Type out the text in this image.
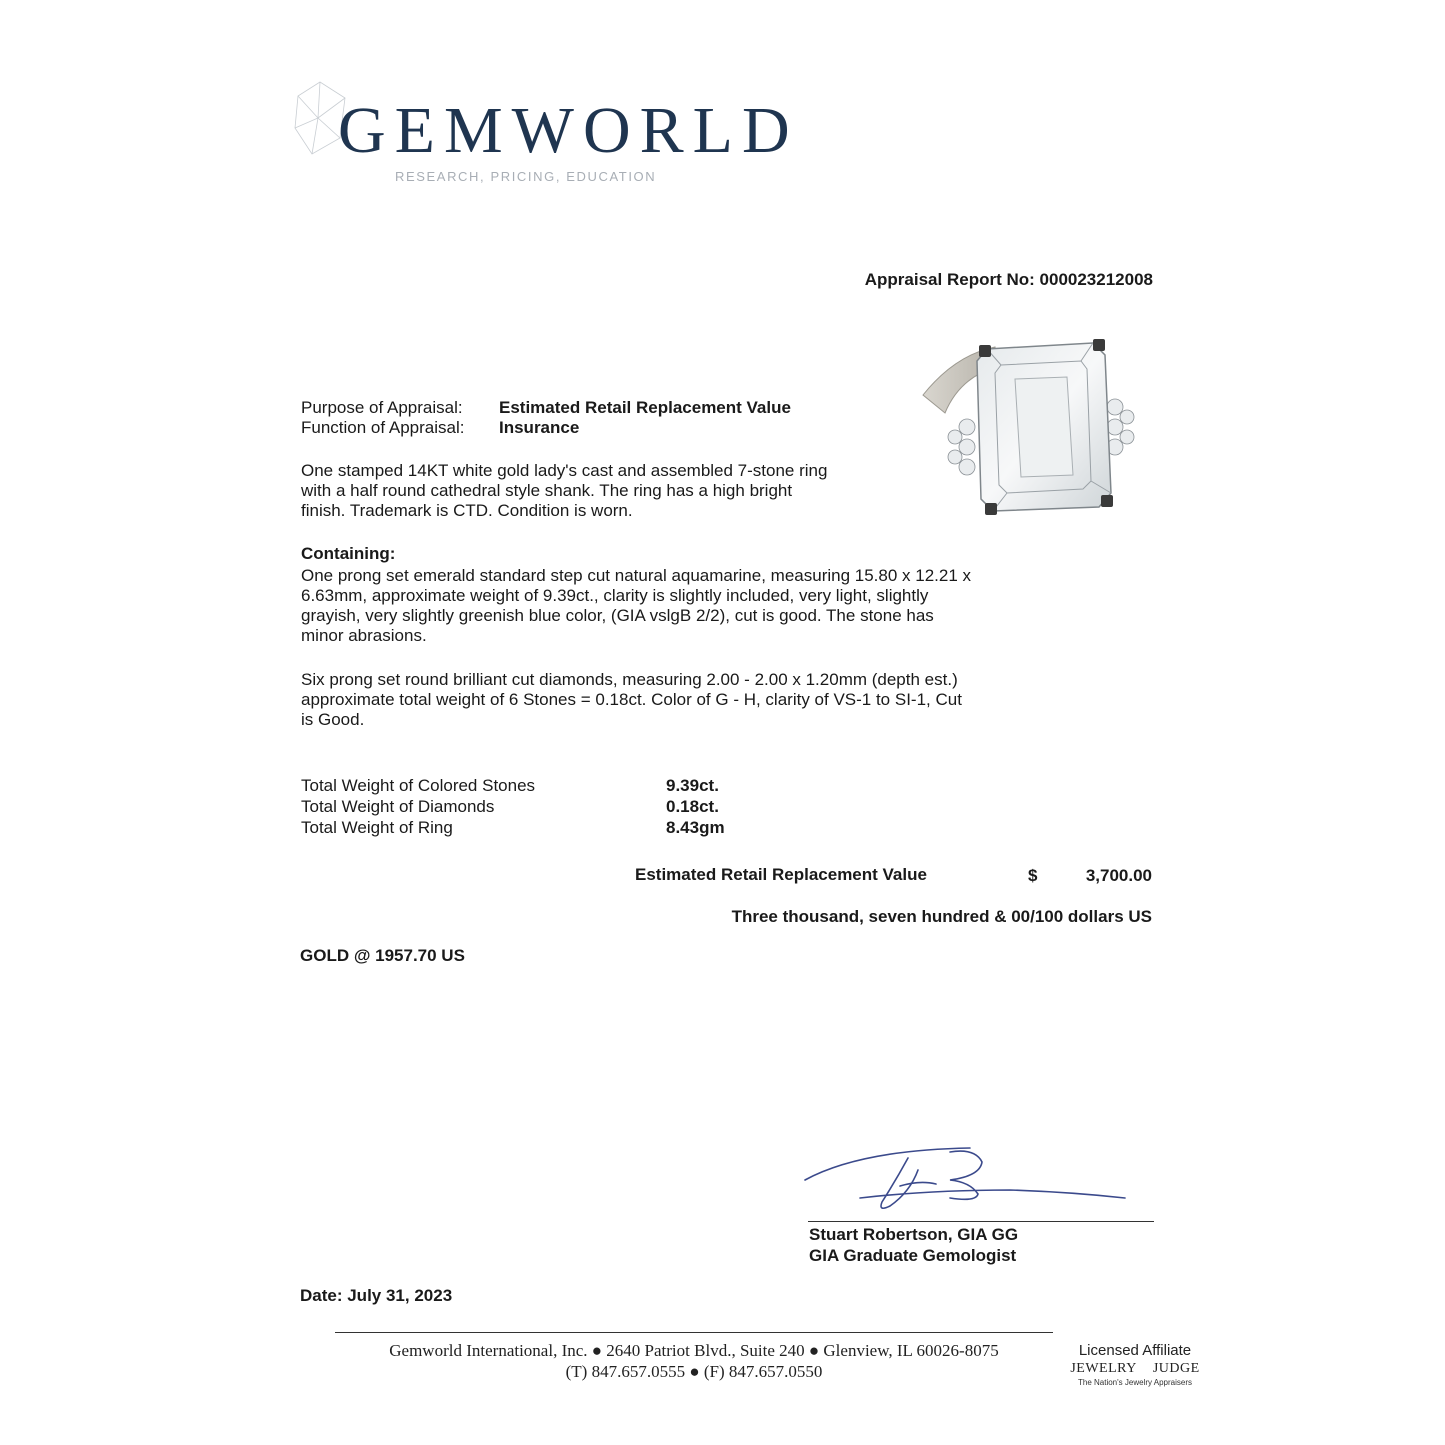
GEMWORLD
RESEARCH, PRICING, EDUCATION
Appraisal Report No: 000023212008
Purpose of Appraisal: Estimated Retail Replacement Value
Function of Appraisal: Insurance
One stamped 14KT white gold lady's cast and assembled 7-stone ring
with a half round cathedral style shank. The ring has a high bright
finish. Trademark is CTD. Condition is worn.
Containing:
One prong set emerald standard step cut natural aquamarine, measuring 15.80 x 12.21 x
6.63mm, approximate weight of 9.39ct., clarity is slightly included, very light, slightly
grayish, very slightly greenish blue color, (GIA vslgB 2/2), cut is good. The stone has
minor abrasions.
Six prong set round brilliant cut diamonds, measuring 2.00 - 2.00 x 1.20mm (depth est.)
approximate total weight of 6 Stones = 0.18ct. Color of G - H, clarity of VS-1 to SI-1, Cut
is Good.
Total Weight of Colored Stones	9.39ct.
Total Weight of Diamonds	0.18ct.
Total Weight of Ring	8.43gm
Estimated Retail Replacement Value	$	3,700.00
Three thousand, seven hundred & 00/100 dollars US
GOLD @ 1957.70 US
Stuart Robertson, GIA GG
GIA Graduate Gemologist
Date: July 31, 2023
Gemworld International, Inc. ● 2640 Patriot Blvd., Suite 240 ● Glenview, IL 60026-8075
(T) 847.657.0555 ● (F) 847.657.0550
Licensed Affiliate
JEWELRY JUDGE
The Nation's Jewelry Appraisers
